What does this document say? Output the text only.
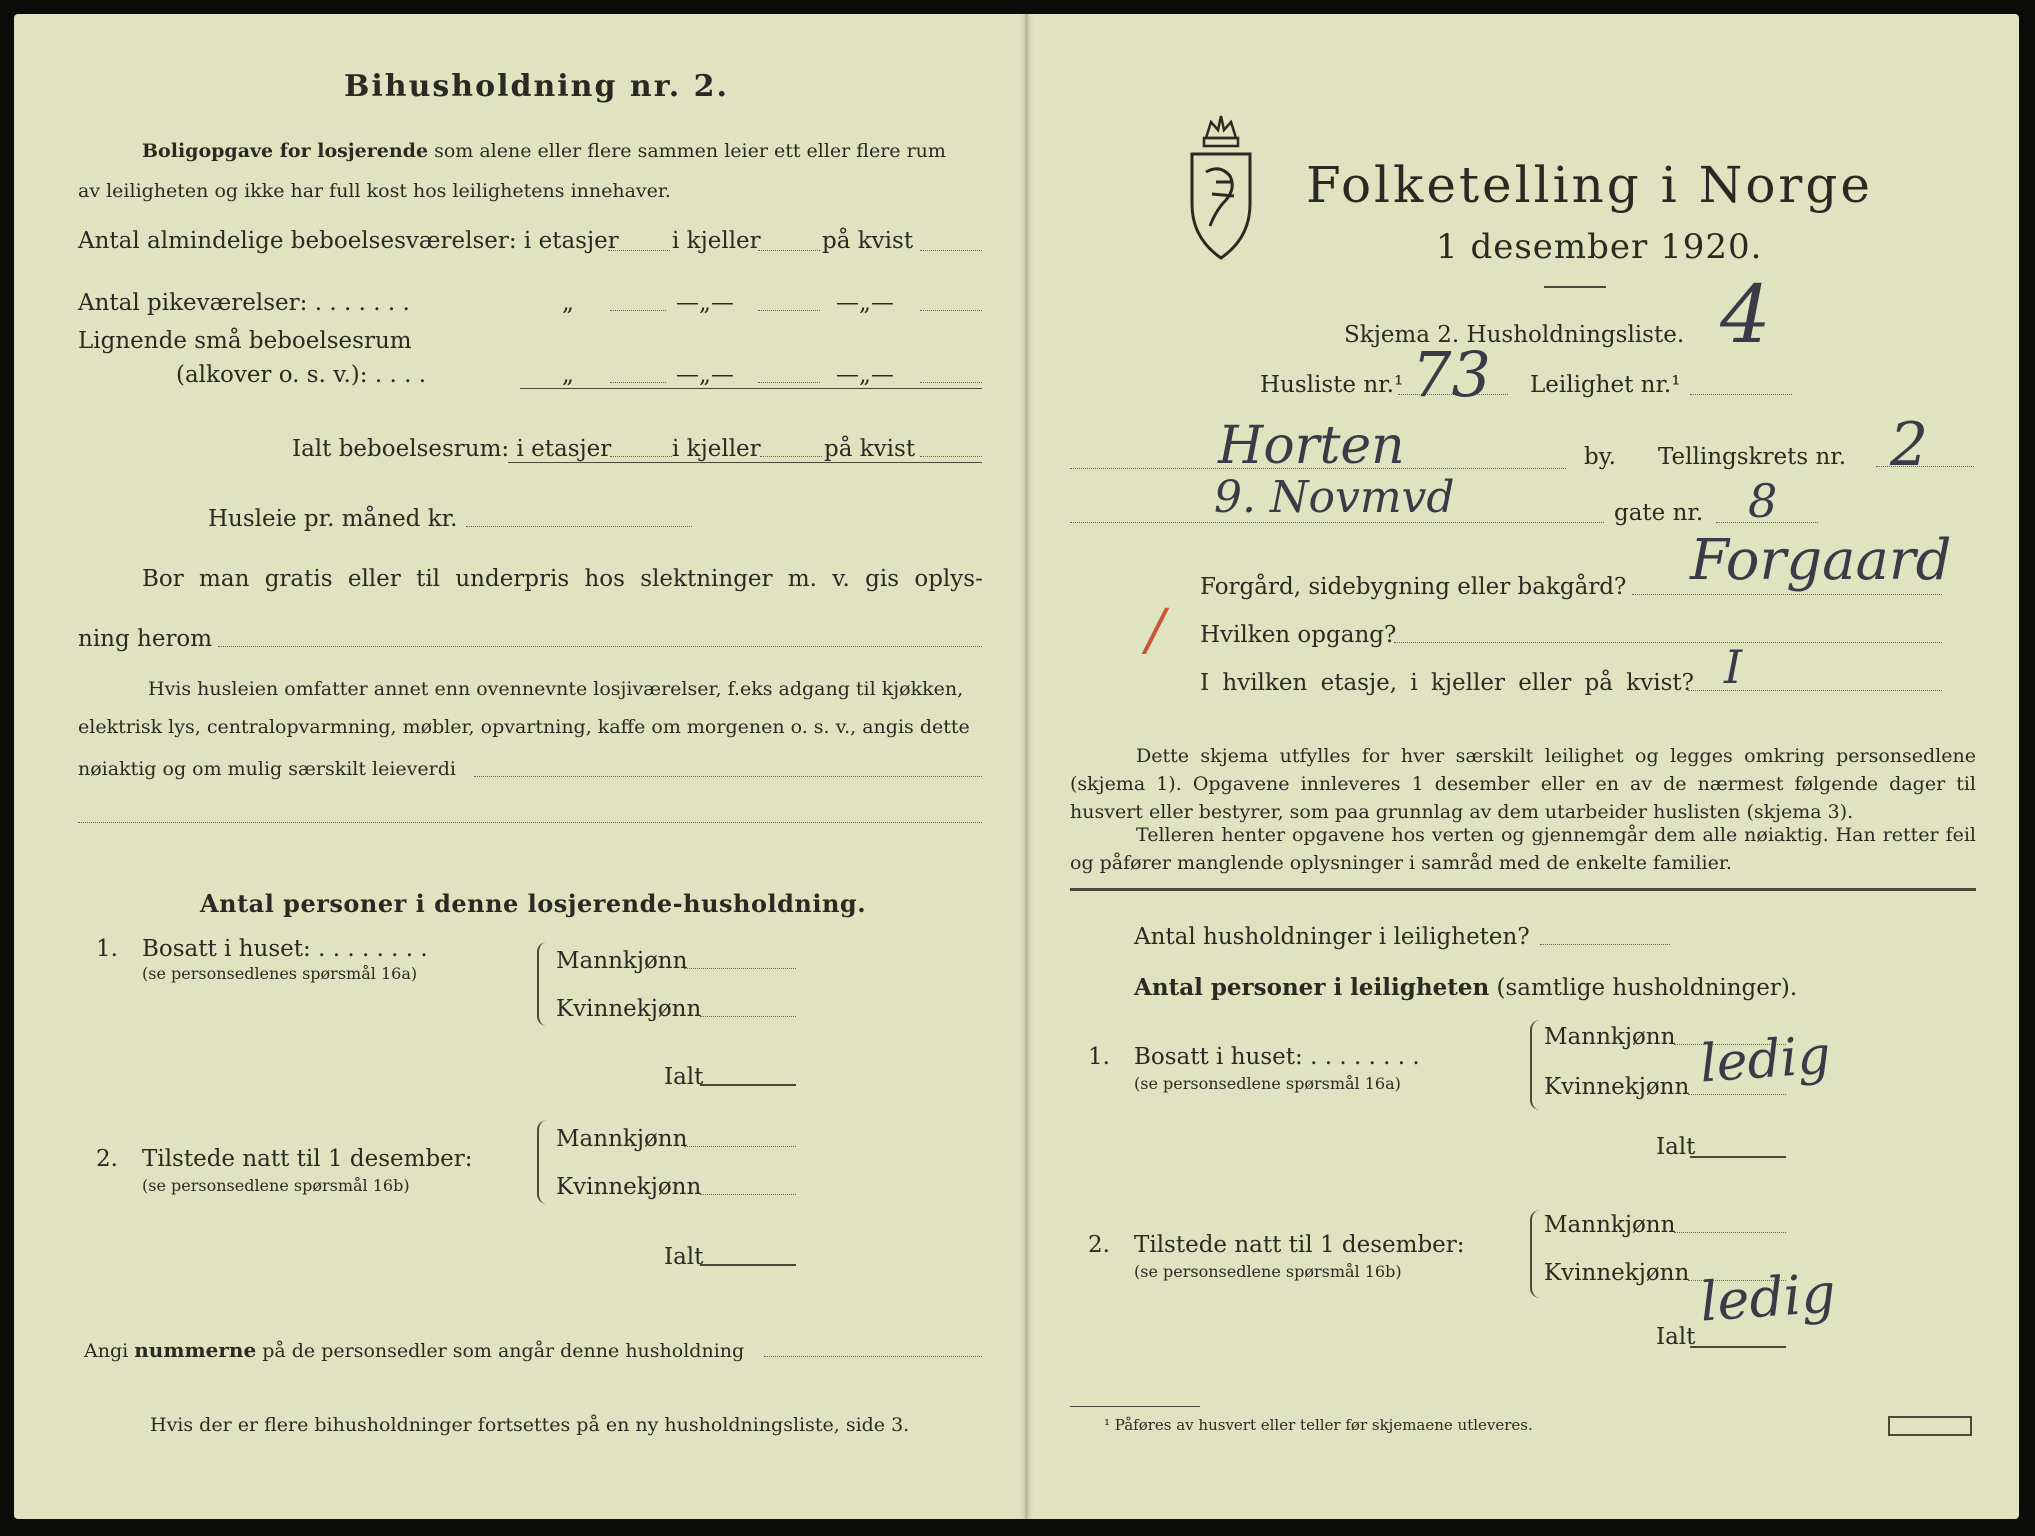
Bihusholdning nr. 2.
Boligopgave for losjerende som alene eller flere sammen leier ett eller flere rum
av leiligheten og ikke har full kost hos leilighetens innehaver.
Antal almindelige beboelsesværelser: i etasjer i kjeller	på kvist
Antal pikeværelser: . . . . . . .	„	—„—	—„—
Lignende små beboelsesrum
(alkover o. s. v.): . . . .	„	—„—	—„—
Ialt beboelsesrum: i etasjer	i kjeller	på kvist
Husleie pr. måned kr.
Bor man gratis eller til underpris hos slektninger m. v. gis oplys-
ning herom
Hvis husleien omfatter annet enn ovennevnte losjiværelser, f.eks adgang til kjøkken,
elektrisk lys, centralopvarmning, møbler, opvartning, kaffe om morgenen o. s. v., angis dette
nøiaktig og om mulig særskilt leieverdi
Antal personer i denne losjerende-husholdning.
1. Bosatt i huset: . . . . . . . .
(se personsedlenes spørsmål 16a)	Mannkjønn
Kvinnekjønn
Ialt
2. Tilstede natt til 1 desember:
(se personsedlene spørsmål 16b)
Mannkjønn
Kvinnekjønn
Ialt
Angi nummerne på de personsedler som angår denne husholdning
Hvis der er flere bihusholdninger fortsettes på en ny husholdningsliste, side 3.
Folketelling i Norge
1 desember 1920.
Skjema 2. Husholdningsliste. 4
Husliste nr.¹ 73 Leilighet nr.¹
Horten	by. Tellingskrets nr. 2
9. Novmvd	gate nr. 8
Forgård, sidebygning eller bakgård? Forgaard
/ Hvilken opgang?
I hvilken etasje, i kjeller eller på kvist? I
Dette skjema utfylles for hver særskilt leilighet og legges omkring personsedlene (skjema 1). Opgavene innleveres 1 desember eller en av de nærmest følgende dager til husvert eller bestyrer, som paa grunnlag av dem utarbeider huslisten (skjema 3).
Telleren henter opgavene hos verten og gjennemgår dem alle nøiaktig. Han retter feil og påfører manglende oplysninger i samråd med de enkelte familier.
Antal husholdninger i leiligheten?
Antal personer i leiligheten (samtlige husholdninger).
1. Bosatt i huset: . . . . . . . .
(se personsedlene spørsmål 16a)
Mannkjønn
Kvinnekjønn ledig
Ialt
2. Tilstede natt til 1 desember:
(se personsedlene spørsmål 16b)
Mannkjønn
Kvinnekjønn ledig
Ialt
¹ Påføres av husvert eller teller før skjemaene utleveres.
